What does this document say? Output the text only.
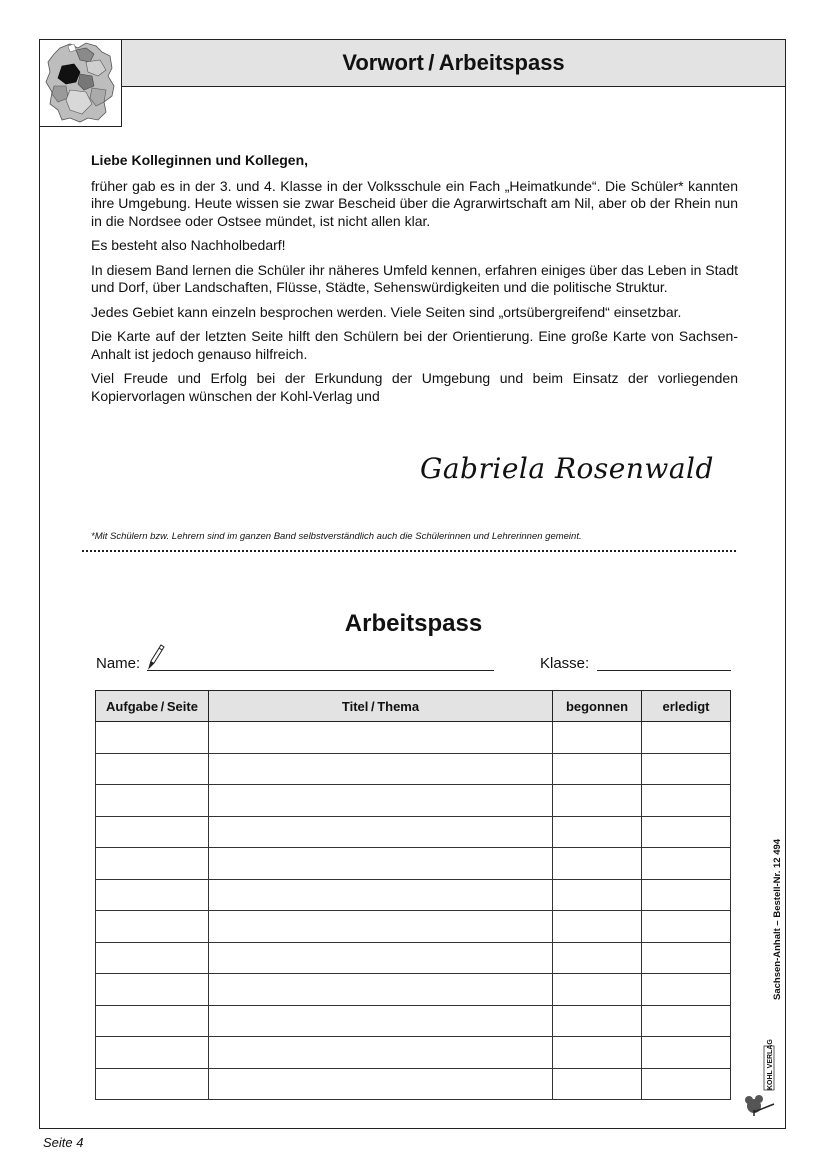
Vorwort / Arbeitspass

Liebe Kolleginnen und Kollegen,

früher gab es in der 3. und 4. Klasse in der Volksschule ein Fach „Heimatkunde“. Die Schüler* kannten ihre Umgebung. Heute wissen sie zwar Bescheid über die Agrarwirtschaft am Nil, aber ob der Rhein nun in die Nordsee oder Ostsee mündet, ist nicht allen klar.

Es besteht also Nachholbedarf!

In diesem Band lernen die Schüler ihr näheres Umfeld kennen, erfahren einiges über das Leben in Stadt und Dorf, über Landschaften, Flüsse, Städte, Sehenswürdigkeiten und die politische Struktur.

Jedes Gebiet kann einzeln besprochen werden. Viele Seiten sind „ortsübergreifend“ einsetzbar.

Die Karte auf der letzten Seite hilft den Schülern bei der Orientierung. Eine große Karte von Sachsen-Anhalt ist jedoch genauso hilfreich.

Viel Freude und Erfolg bei der Erkundung der Umgebung und beim Einsatz der vorliegenden Kopiervorlagen wünschen der Kohl-Verlag und

Gabriela Rosenwald
*Mit Schülern bzw. Lehrern sind im ganzen Band selbstverständlich auch die Schülerinnen und Lehrerinnen gemeint.
Arbeitspass
Name:	Klasse:
Aufgabe / Seite	Titel / Thema	begonnen	erledigt

Sachsen-Anhalt – Bestell-Nr. 12 494
KOHL VERLAG
Seite 4
